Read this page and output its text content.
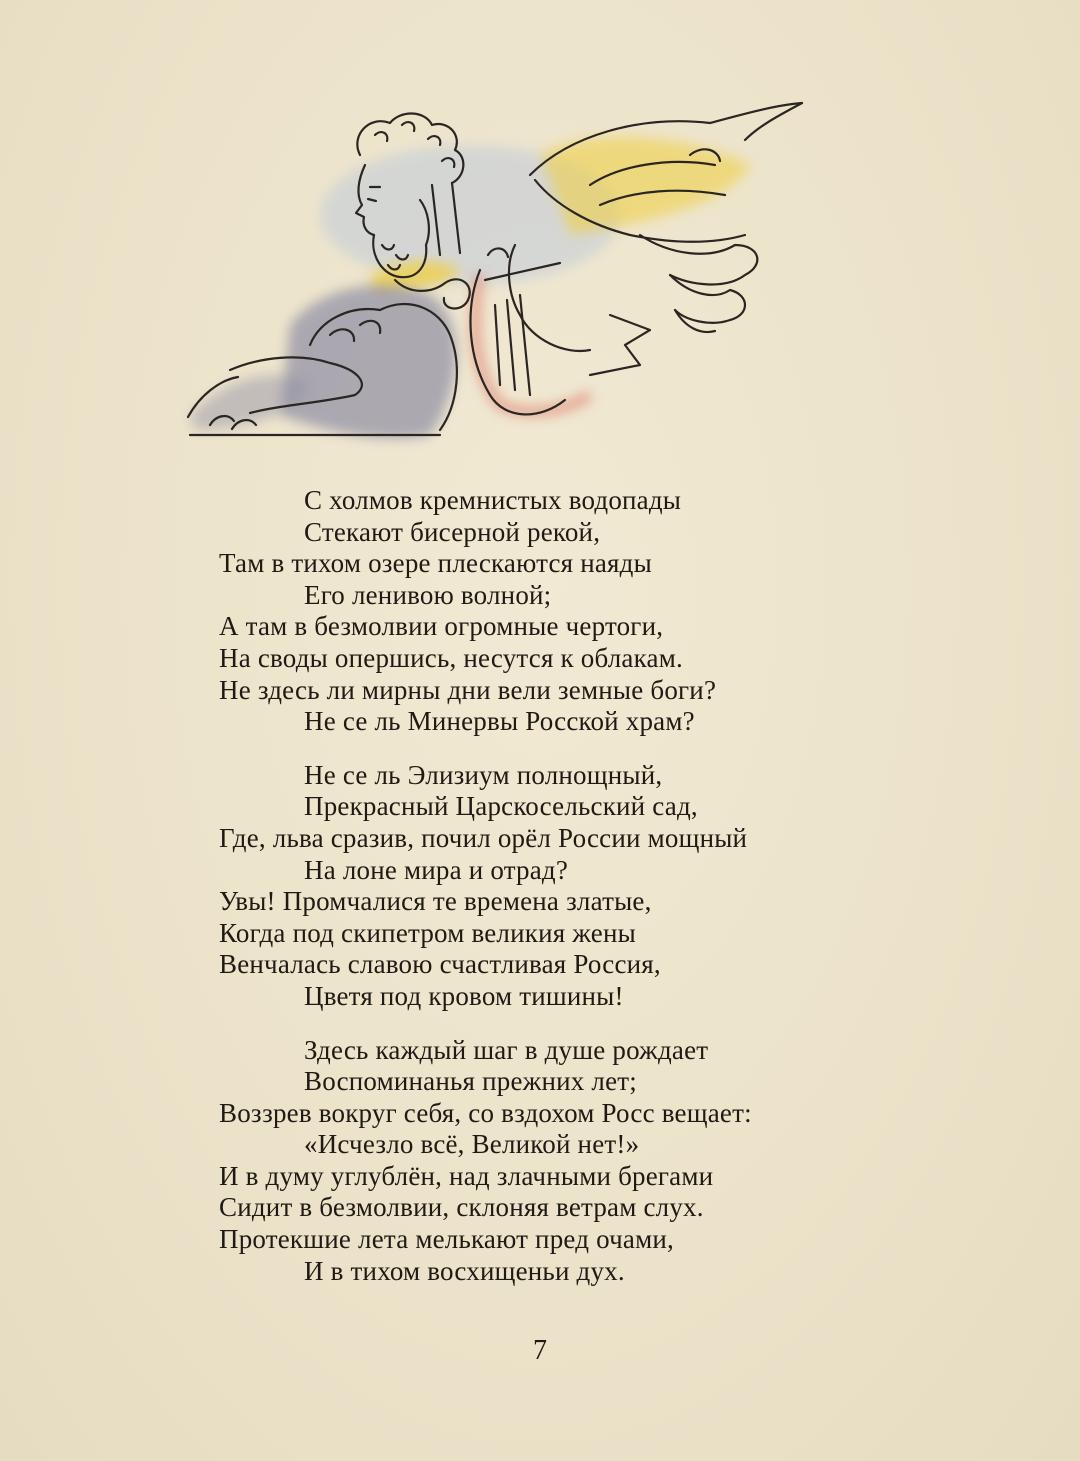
С холмов кремнистых водопады
Стекают бисерной рекой,
Там в тихом озере плескаются наяды
Его ленивою волной;
А там в безмолвии огромные чертоги,
На своды опершись, несутся к облакам.
Не здесь ли мирны дни вели земные боги?
Не се ль Минервы Росской храм?
Не се ль Элизиум полнощный,
Прекрасный Царскосельский сад,
Где, льва сразив, почил орёл России мощный
На лоне мира и отрад?
Увы! Промчалися те времена златые,
Когда под скипетром великия жены
Венчалась славою счастливая Россия,
Цветя под кровом тишины!
Здесь каждый шаг в душе рождает
Воспоминанья прежних лет;
Воззрев вокруг себя, со вздохом Росс вещает:
«Исчезло всё, Великой нет!»
И в думу углублён, над злачными брегами
Сидит в безмолвии, склоняя ветрам слух.
Протекшие лета мелькают пред очами,
И в тихом восхищеньи дух.
7
